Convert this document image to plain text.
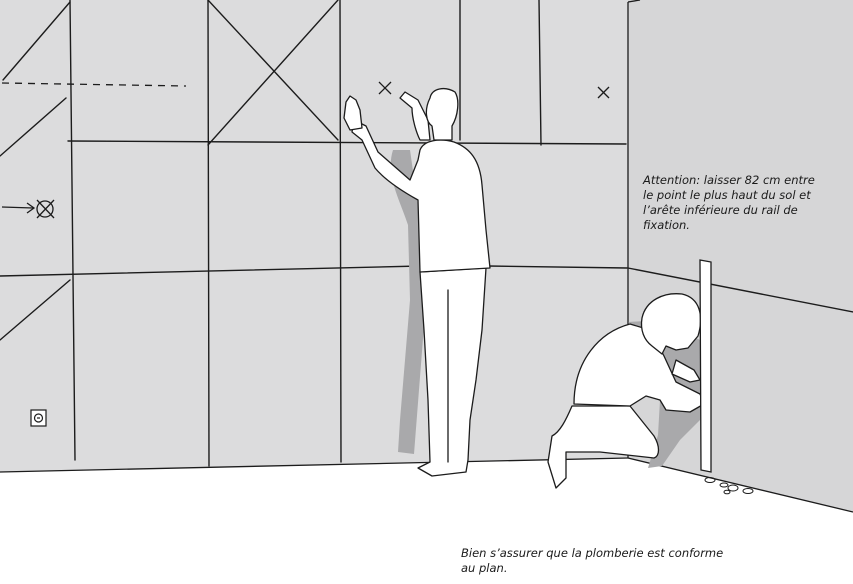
Attention: laisser 82 cm entre
le point le plus haut du sol et
l’arête inférieure du rail de
fixation.
Bien s’assurer que la plomberie est conforme
au plan.
